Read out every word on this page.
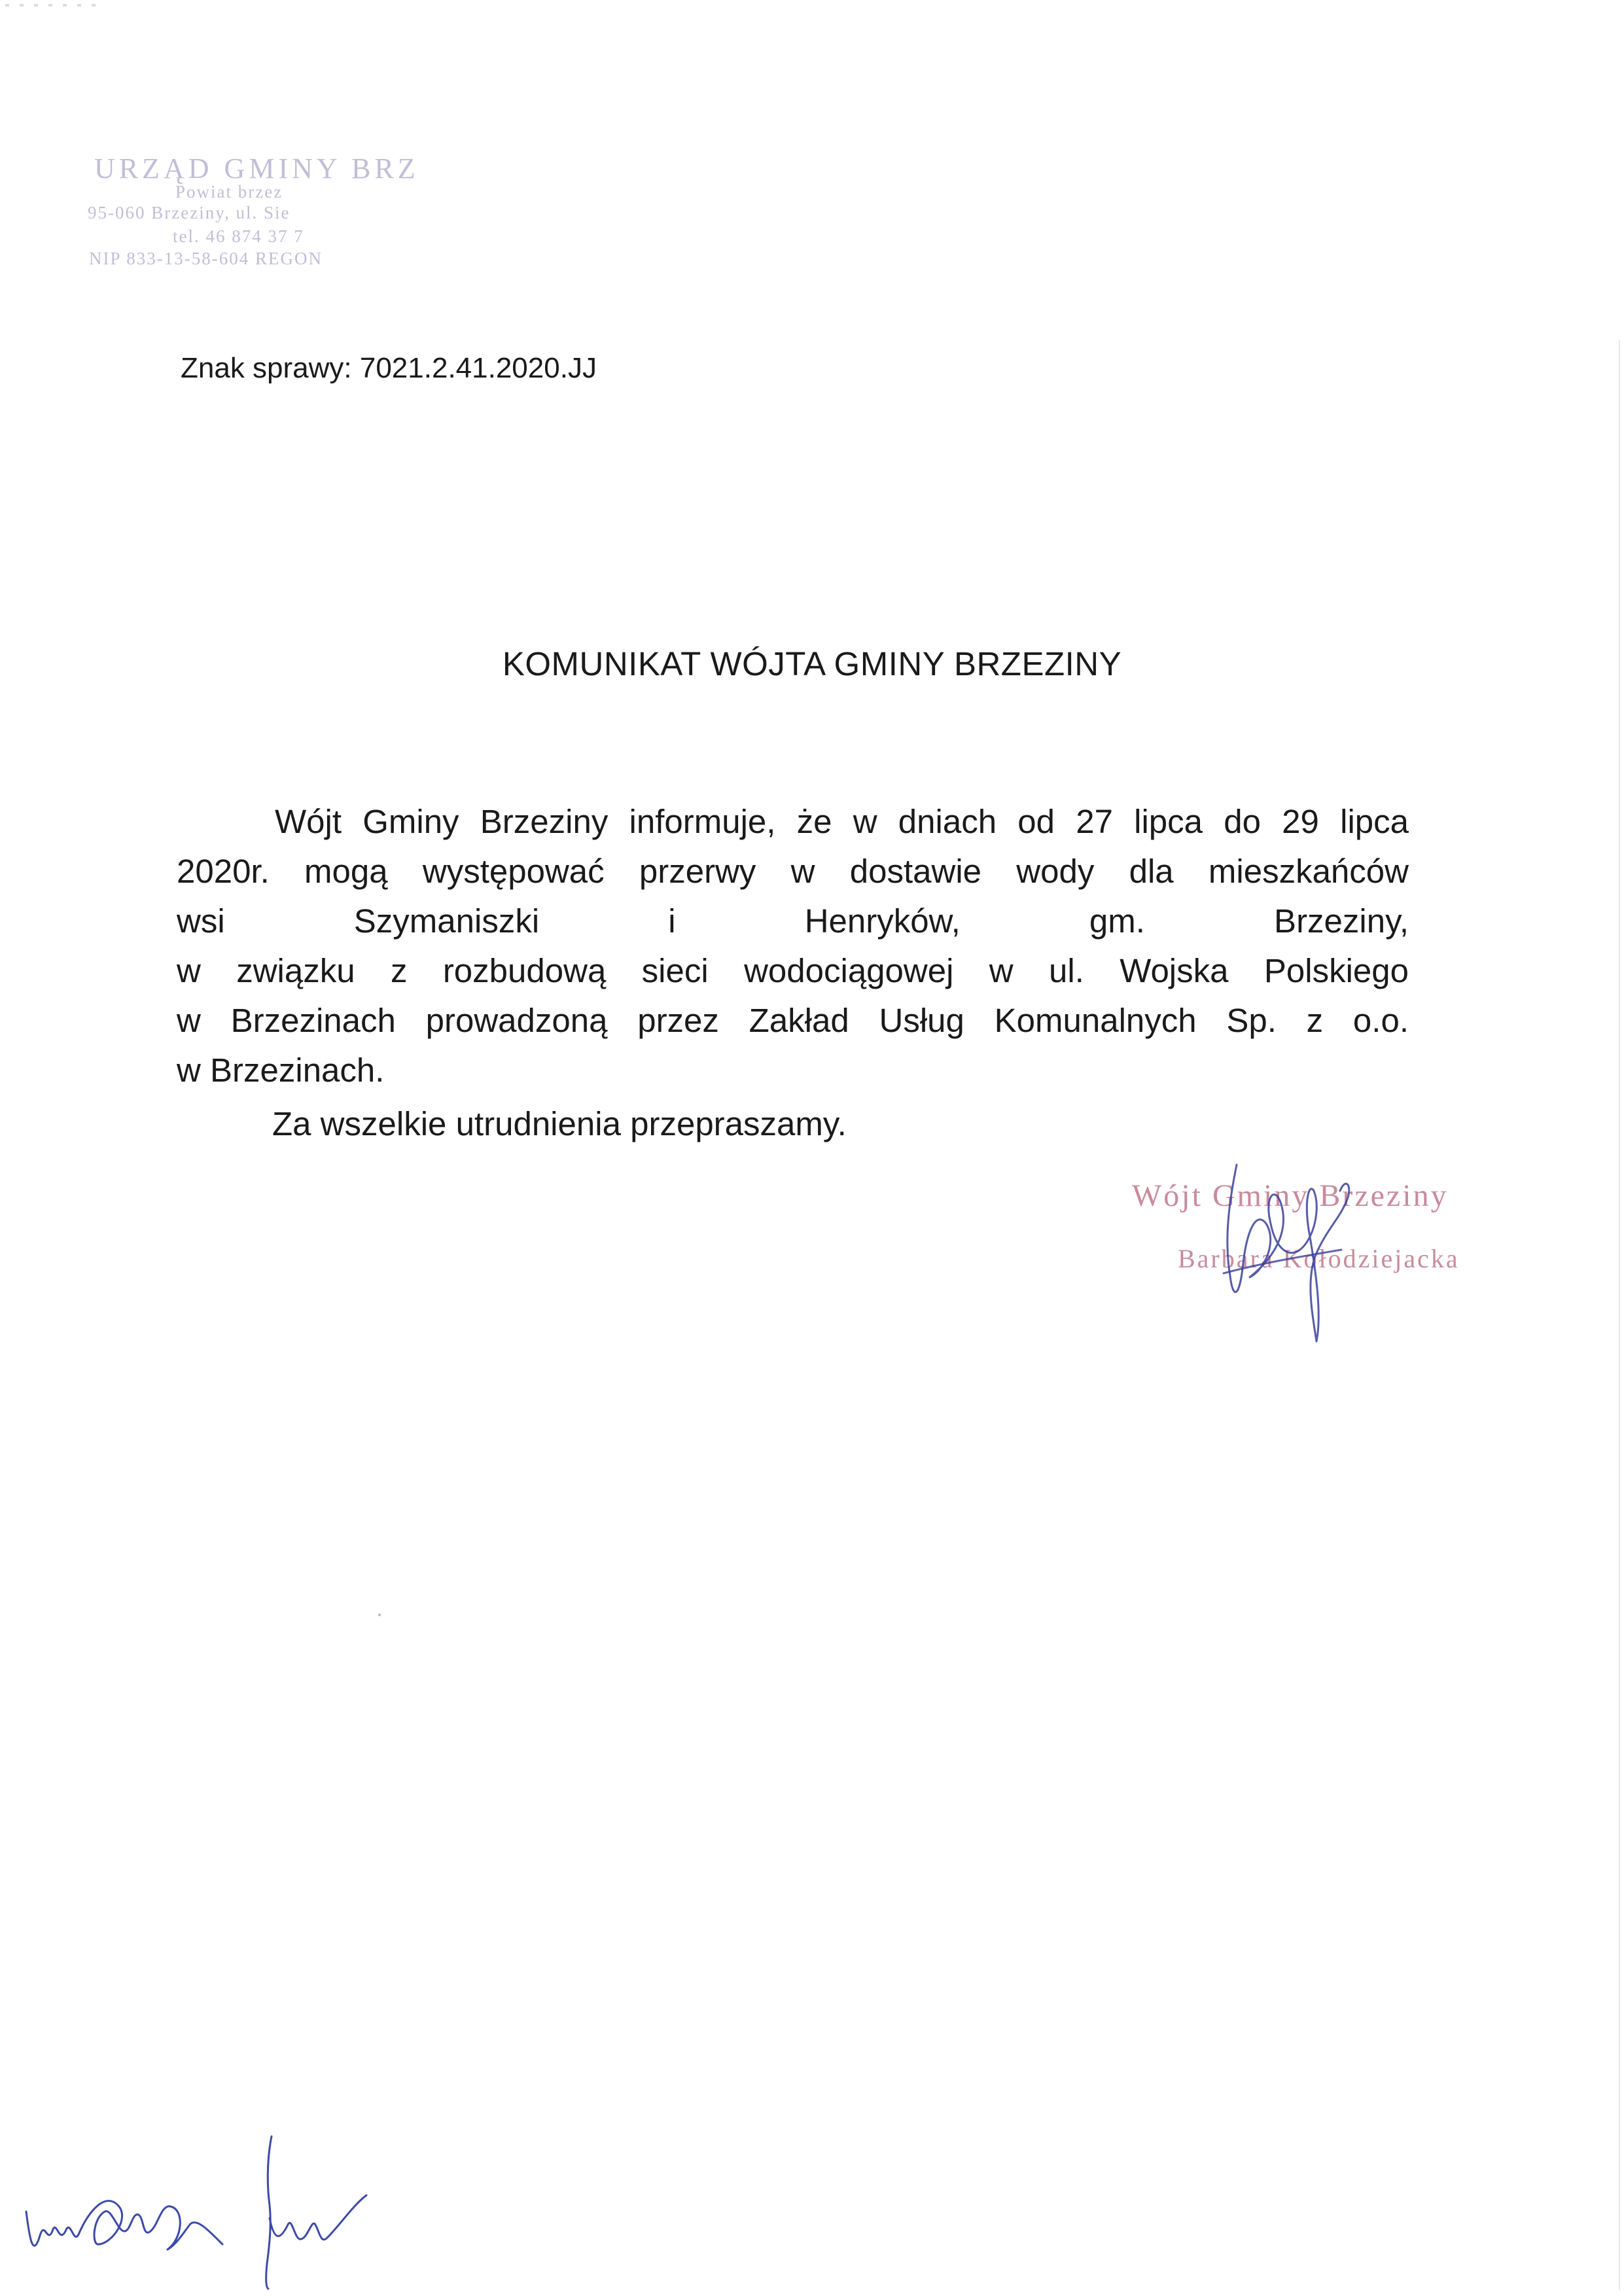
URZĄD GMINY BRZ
Powiat brzez
95-060 Brzeziny, ul. Sie
tel. 46 874 37 7
NIP 833-13-58-604 REGON
Znak sprawy: 7021.2.41.2020.JJ
KOMUNIKAT WÓJTA GMINY BRZEZINY
Wójt Gminy Brzeziny informuje, że w dniach od 27 lipca do 29 lipca
2020r. mogą występować przerwy w dostawie wody dla mieszkańców
wsi Szymaniszki i Henryków, gm. Brzeziny,
w związku z rozbudową sieci wodociągowej w ul. Wojska Polskiego
w Brzezinach prowadzoną przez Zakład Usług Komunalnych Sp. z o.o.
w Brzezinach.
Za wszelkie utrudnienia przepraszamy.
Wójt Gminy Brzeziny
Barbara Kołodziejacka
